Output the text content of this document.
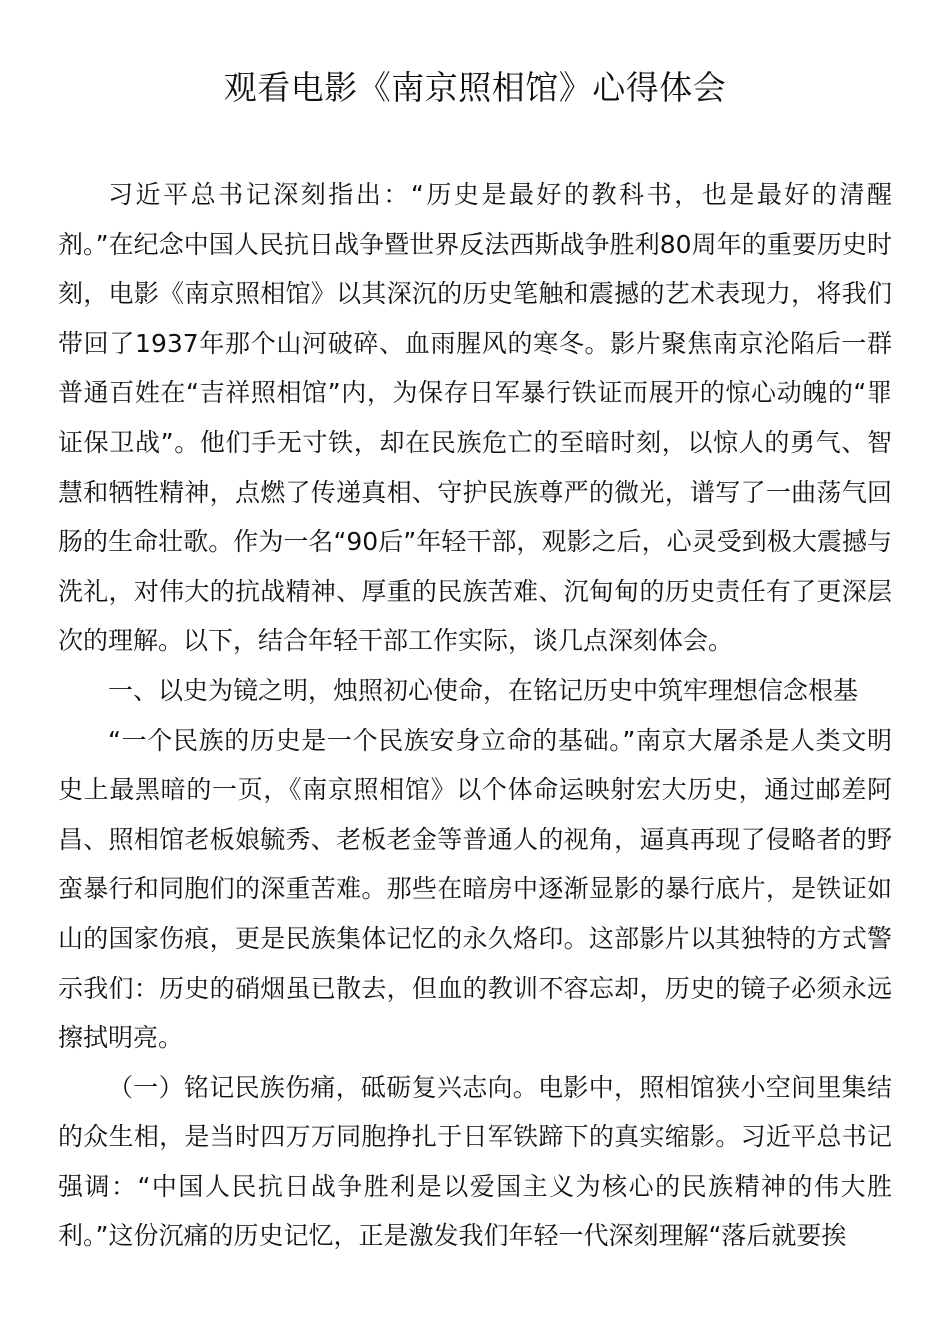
观看电影《南京照相馆》心得体会

习近平总书记深刻指出：“历史是最好的教科书，也是最好的清醒剂。”在纪念中国人民抗日战争暨世界反法西斯战争胜利80周年的重要历史时刻，电影《南京照相馆》以其深沉的历史笔触和震撼的艺术表现力，将我们带回了1937年那个山河破碎、血雨腥风的寒冬。影片聚焦南京沦陷后一群普通百姓在“吉祥照相馆”内，为保存日军暴行铁证而展开的惊心动魄的“罪证保卫战”。他们手无寸铁，却在民族危亡的至暗时刻，以惊人的勇气、智慧和牺牲精神，点燃了传递真相、守护民族尊严的微光，谱写了一曲荡气回肠的生命壮歌。作为一名“90后”年轻干部，观影之后，心灵受到极大震撼与洗礼，对伟大的抗战精神、厚重的民族苦难、沉甸甸的历史责任有了更深层次的理解。以下，结合年轻干部工作实际，谈几点深刻体会。

一、以史为镜之明，烛照初心使命，在铭记历史中筑牢理想信念根基

“一个民族的历史是一个民族安身立命的基础。”南京大屠杀是人类文明史上最黑暗的一页，《南京照相馆》以个体命运映射宏大历史，通过邮差阿昌、照相馆老板娘毓秀、老板老金等普通人的视角，逼真再现了侵略者的野蛮暴行和同胞们的深重苦难。那些在暗房中逐渐显影的暴行底片，是铁证如山的国家伤痕，更是民族集体记忆的永久烙印。这部影片以其独特的方式警示我们：历史的硝烟虽已散去，但血的教训不容忘却，历史的镜子必须永远擦拭明亮。

（一）铭记民族伤痛，砥砺复兴志向。电影中，照相馆狭小空间里集结的众生相，是当时四万万同胞挣扎于日军铁蹄下的真实缩影。习近平总书记强调：“中国人民抗日战争胜利是以爱国主义为核心的民族精神的伟大胜利。”这份沉痛的历史记忆，正是激发我们年轻一代深刻理解“落后就要挨
